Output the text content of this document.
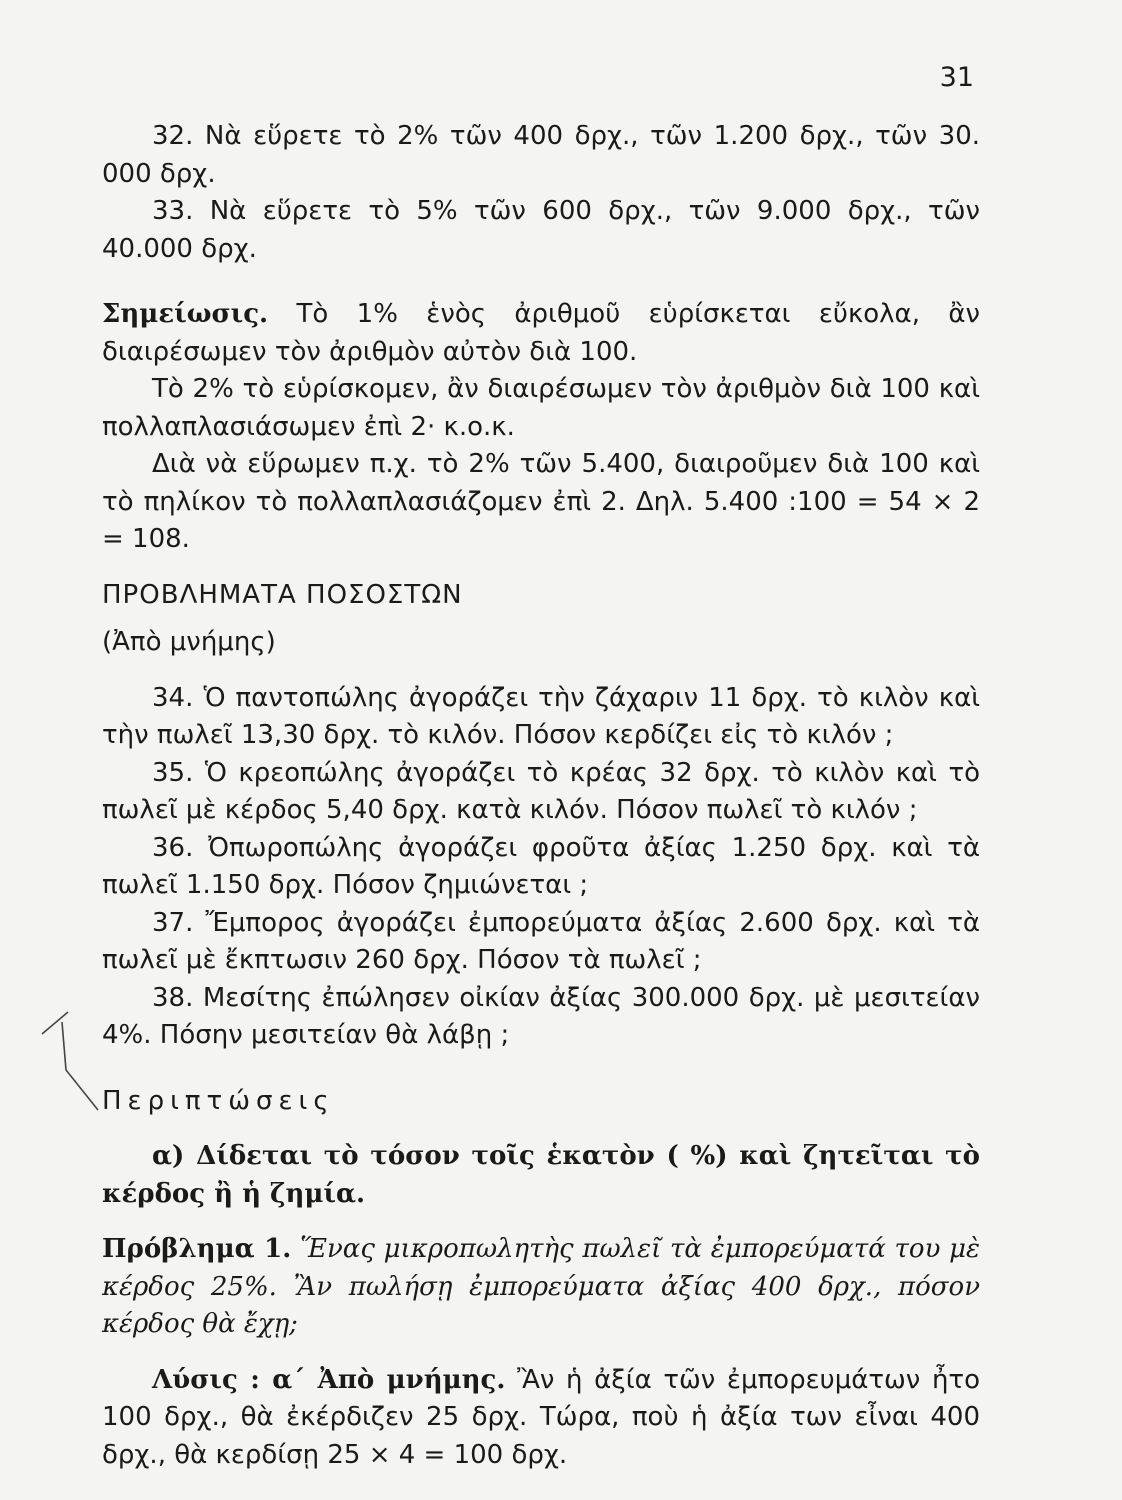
31

32. Νὰ εὕρετε τὸ 2% τῶν 400 δρχ., τῶν 1.200 δρχ., τῶν 30. 000 δρχ.

33. Νὰ εὕρετε τὸ 5% τῶν 600 δρχ., τῶν 9.000 δρχ., τῶν 40.000 δρχ.

Σημείωσις. Τὸ 1% ἑνὸς ἀριθμοῦ εὑρίσκεται εὔκολα, ἂν διαιρέσωμεν τὸν ἀριθμὸν αὐτὸν διὰ 100.

Τὸ 2% τὸ εὑρίσκομεν, ἂν διαιρέσωμεν τὸν ἀριθμὸν διὰ 100 καὶ πολλαπλασιάσωμεν ἐπὶ 2· κ.ο.κ.

Διὰ νὰ εὕρωμεν π.χ. τὸ 2% τῶν 5.400, διαιροῦμεν διὰ 100 καὶ τὸ πηλίκον τὸ πολλαπλασιάζομεν ἐπὶ 2. Δηλ. 5.400 :100 = 54 × 2 = 108.

ΠΡΟΒΛΗΜΑΤΑ ΠΟΣΟΣΤΩΝ

(Ἀπὸ μνήμης)

34. Ὁ παντοπώλης ἀγοράζει τὴν ζάχαριν 11 δρχ. τὸ κιλὸν καὶ τὴν πωλεῖ 13,30 δρχ. τὸ κιλόν. Πόσον κερδίζει εἰς τὸ κιλόν ;

35. Ὁ κρεοπώλης ἀγοράζει τὸ κρέας 32 δρχ. τὸ κιλὸν καὶ τὸ πωλεῖ μὲ κέρδος 5,40 δρχ. κατὰ κιλόν. Πόσον πωλεῖ τὸ κιλόν ;

36. Ὀπωροπώλης ἀγοράζει φροῦτα ἀξίας 1.250 δρχ. καὶ τὰ πωλεῖ 1.150 δρχ. Πόσον ζημιώνεται ;

37. Ἔμπορος ἀγοράζει ἐμπορεύματα ἀξίας 2.600 δρχ. καὶ τὰ πωλεῖ μὲ ἔκπτωσιν 260 δρχ. Πόσον τὰ πωλεῖ ;

38. Μεσίτης ἐπώλησεν οἰκίαν ἀξίας 300.000 δρχ. μὲ μεσιτείαν 4%. Πόσην μεσιτείαν θὰ λάβῃ ;

Περιπτώσεις

α) Δίδεται τὸ τόσον τοῖς ἑκατὸν ( %) καὶ ζητεῖται τὸ κέρδος ἢ ἡ ζημία.

Πρόβλημα 1. Ἕνας μικροπωλητὴς πωλεῖ τὰ ἐμπορεύματά του μὲ κέρδος 25%. Ἂν πωλήσῃ ἐμπορεύματα ἀξίας 400 δρχ., πόσον κέρδος θὰ ἔχῃ;

Λύσις : α΄ Ἀπὸ μνήμης. Ἂν ἡ ἀξία τῶν ἐμπορευμάτων ἦτο 100 δρχ., θὰ ἐκέρδιζεν 25 δρχ. Τώρα, ποὺ ἡ ἀξία των εἶναι 400 δρχ., θὰ κερδίσῃ 25 × 4 = 100 δρχ.
